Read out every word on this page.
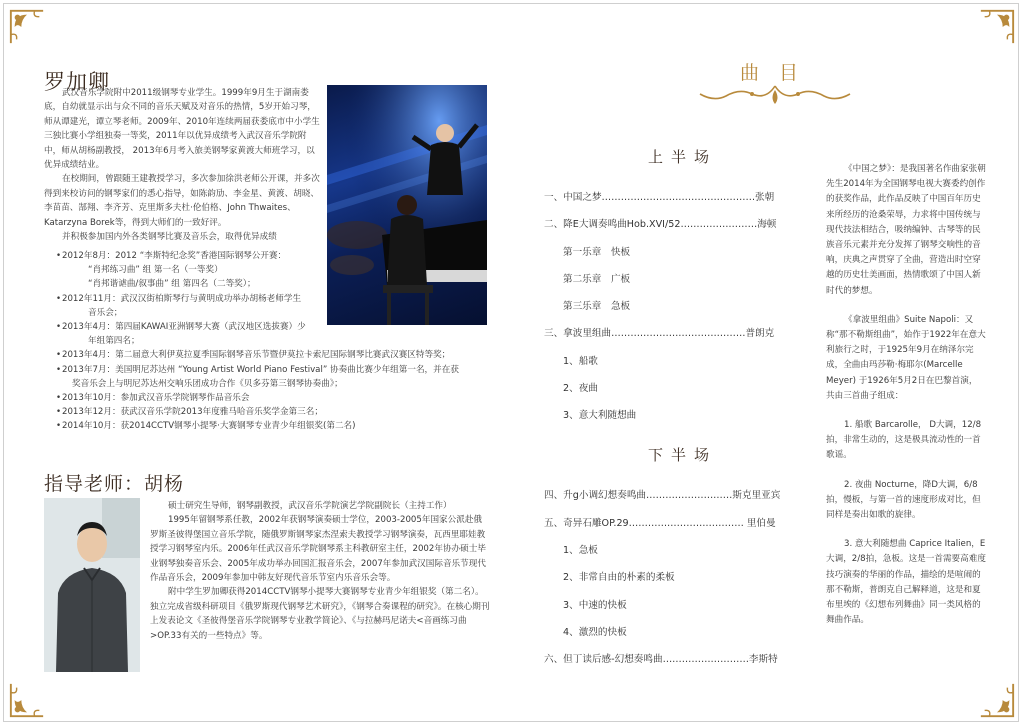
罗加卿

武汉音乐学院附中2011级钢琴专业学生。1999年9月生于湖南娄底，自幼就显示出与众不同的音乐天赋及对音乐的热情，5岁开始习琴，师从谭建光，谭立琴老师。2009年、2010年连续两届获娄底市中小学生三独比赛小学组独奏一等奖，2011年以优异成绩考入武汉音乐学院附中，师从胡杨副教授， 2013年6月考入旅美钢琴家黄渡大师班学习，以优异成绩结业。

在校期间，曾跟随王建教授学习，多次参加徐洪老师公开课，并多次得到来校访问的钢琴家们的悉心指导，如陈韵劢、李金星、黄渡、胡晓、李苗苗、郜翔、李齐芳、克里斯多夫杜·伦伯格、John Thwaites、Katarzyna Borek等，得到大师们的一致好评。

并积极参加国内外各类钢琴比赛及音乐会，取得优异成绩

• 2012年8月：2012 “李斯特纪念奖”香港国际钢琴公开赛：
“肖邦练习曲” 组 第一名（一等奖）
“肖邦谐谑曲/叙事曲” 组 第四名（二等奖）；
• 2012年11月：武汉汉街柏斯琴行与黄明成功举办胡杨老师学生
音乐会；
• 2013年4月：第四届KAWAI亚洲钢琴大赛（武汉地区选拔赛）少
年组第四名；
• 2013年4月：第二届意大利伊莫拉夏季国际钢琴音乐节暨伊莫拉卡索尼国际钢琴比赛武汉赛区特等奖；
• 2013年7月：美国明尼苏达州 “Young Artist World Piano Festival” 协奏曲比赛少年组第一名，并在获
奖音乐会上与明尼苏达州交响乐团成功合作《贝多芬第三钢琴协奏曲》；
• 2013年10月：参加武汉音乐学院钢琴作品音乐会
• 2013年12月：获武汉音乐学院2013年度雅马哈音乐奖学金第三名；
• 2014年10月：获2014CCTV钢琴小提琴·大赛钢琴专业青少年组银奖(第二名)
指导老师：胡杨

硕士研究生导师，钢琴副教授，武汉音乐学院演艺学院副院长（主持工作）

1995年留钢琴系任教，2002年获钢琴演奏硕士学位，2003-2005年国家公派赴俄罗斯圣彼得堡国立音乐学院，随俄罗斯钢琴家杰涅索夫教授学习钢琴演奏，瓦西里耶娃教授学习钢琴室内乐。2006年任武汉音乐学院钢琴系主科教研室主任，2002年协办硕士毕业钢琴独奏音乐会、2005年成功举办回国汇报音乐会，2007年参加武汉国际音乐节现代作品音乐会，2009年参加中韩友好现代音乐节室内乐音乐会等。

附中学生罗加卿获得2014CCTV钢琴小提琴大赛钢琴专业青少年组银奖（第二名）。独立完成省级科研项目《俄罗斯现代钢琴艺术研究》，《钢琴合奏课程的研究》。在核心期刊上发表论文《圣彼得堡音乐学院钢琴专业教学简论》、《与拉赫玛尼诺夫<音画练习曲>OP.33有关的一些特点》等。

曲目
上半场
一、中国之梦…………………………………………张朝
二、降E大调奏鸣曲Hob.XVI/52……………………海顿
第一乐章　快板
第二乐章　广板
第三乐章　急板
三、拿波里组曲……………………………………普朗克
1、船歌
2、夜曲
3、意大利随想曲
下半场
四、升g小调幻想奏鸣曲………………………斯克里亚宾
五、奇异石雕OP.29……………………………… 里伯曼
1、急板
2、非常自由的朴素的柔板
3、中速的快板
4、激烈的快板
六、但丁读后感-幻想奏鸣曲………………………李斯特

《中国之梦》：是我国著名作曲家张朝先生2014年为全国钢琴电视大赛委约创作的获奖作品，此作品反映了中国百年历史来所经历的沧桑荣辱，力求将中国传统与现代技法相结合，吸纳编钟、古琴等的民族音乐元素并充分发挥了钢琴交响性的音响，庆典之声贯穿了全曲，营造出时空穿越的历史壮美画面，热情歌颂了中国人新时代的梦想。

《拿波里组曲》Suite Napoli：又称“那不勒斯组曲”，始作于1922年在意大利旅行之时，于1925年9月在纳泽尔完成，全曲由玛莎勒·梅耶尔(Marcelle Meyer) 于1926年5月2日在巴黎首演，共由三首曲子组成：

1. 船歌 Barcarolle， D大调，12/8拍，非常生动的，这是极具流动性的一首歌谣。

2. 夜曲 Nocturne，降D大调，6/8拍，慢板，与第一首的速度形成对比，但同样是奏出如歌的旋律。

3. 意大利随想曲 Caprice Italien，E大调，2/8拍，急板。这是一首需要高难度技巧演奏的华丽的作品，描绘的是喧闹的那不勒斯，普朗克自己解释道，这是和夏布里埃的《幻想布列舞曲》同一类风格的舞曲作品。
